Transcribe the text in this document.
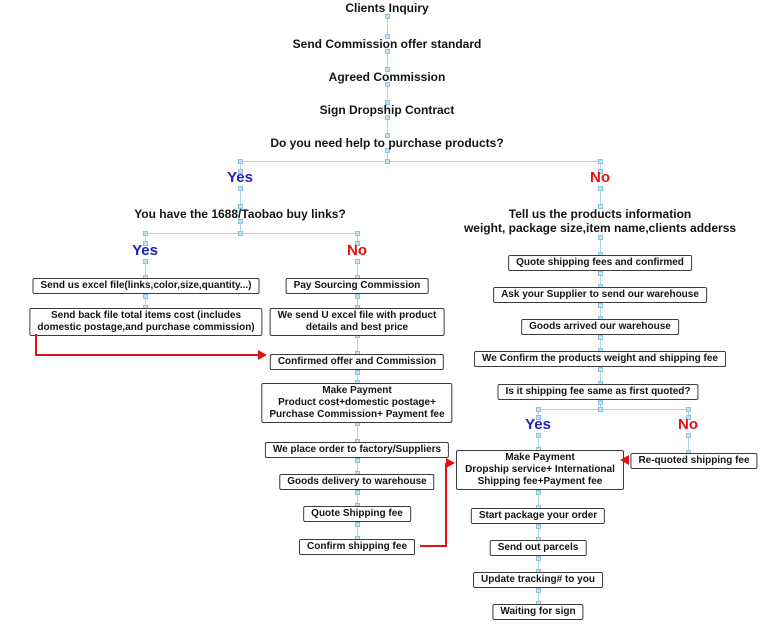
Clients Inquiry
Send Commission offer standard
Agreed Commission
Sign Dropship Contract
Do you need help to purchase products?
Yes	No
You have the 1688/Taobao buy links?
Yes	No
Send us excel file(links,color,size,quantity...)
Send back file total items cost (includes
domestic postage,and purchase commission)
Pay Sourcing Commission
We send U excel file with product
details and best price
Confirmed offer and Commission
Make Payment
Product cost+domestic postage+
Purchase Commission+ Payment fee
We place order to factory/Suppliers
Goods delivery to warehouse
Quote Shipping fee
Confirm shipping fee
Tell us the products information
weight, package size,item name,clients adderss
Quote shipping fees and confirmed
Ask your Supplier to send our warehouse
Goods arrived our warehouse
We Confirm the products weight and shipping fee
Is it shipping fee same as first quoted?
Yes	No
Make Payment
Dropship service+ International
Shipping fee+Payment fee
Re-quoted shipping fee
Start package your order
Send out parcels
Update tracking# to you
Waiting for sign
